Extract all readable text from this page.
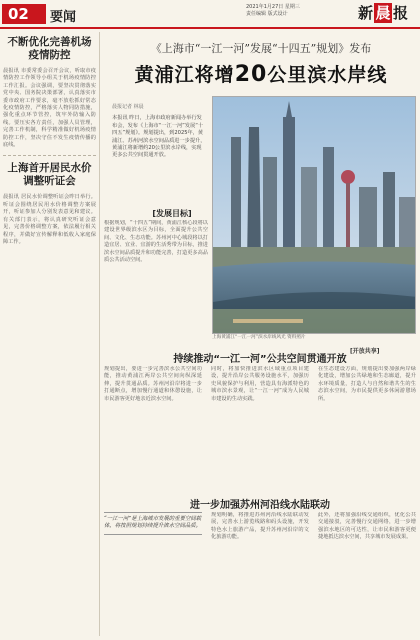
02	要闻
2021年1月27日 星期三
责任编辑 版式设计	新 晨 报
不断优化完善机场疫情防控
晨报讯 市委常委会召开会议，听取市疫情防控工作领导小组关于机场疫情防控工作汇报。会议强调，要坚决贯彻落实党中央、国务院决策部署，认真落实市委市政府工作要求，毫不放松抓好常态化疫情防控，严格落实人物同防措施，强化重点环节管控，筑牢外防输入防线。要压实各方责任，加强人员管理，完善工作机制，科学精准做好机场疫情防控工作，坚决守住不发生疫情传播的底线。
上海首开居民水价调整听证会
晨报讯 居民水价调整听证会昨日举行。听证会围绕居民用水价格调整方案展开，听证参加人分别发表意见和建议。有关部门表示，将认真研究听证会意见，完善价格调整方案，依法履行相关程序，并做好宣传解释和低收入家庭保障工作。
《上海市“一江一河”发展“十四五”规划》发布
黄浦江将增20公里滨水岸线
晨报记者 林晨
本报讯 昨日，上海市政府新闻办举行发布会，发布《上海市“一江一河”发展“十四五”规划》。规划提出，到2025年，黄浦江、苏州河滨水空间品质进一步提升，黄浦江将新增约20公里滨水岸线，实现更多公共空间贯通开放。
上海黄浦江“一江一河”滨水岸线风光 资料照片
[发展目标]
根据规划，“十四五”期间，黄浦江核心段将以建设世界级滨水区为目标，全面提升公共空间、文化、生态功能。苏州河中心城段将以打造宜居、宜业、宜游的生活秀带为目标，推进滨水空间品质提升和功能完善，打造更多高品质公共活动空间。
[开放共享]
持续推动“一江一河”公共空间贯通开放
规划提出，要进一步完善滨水公共空间功能，推动黄浦江两岸公共空间向纵深延伸，提升贯通品质。苏州河沿岸将进一步打通断点，增加慢行通道和休憩设施，让市民游客更好地亲近滨水空间。
同时，将加快推进滨水区域重点项目建设，提升沿岸公共服务设施水平，加强历史风貌保护与利用，营造具有海派特色的城市滨水景观，让“一江一河”成为人民城市建设的生动实践。
在生态建设方面，规划提出要加强两岸绿化建设，增加公共绿地和生态廊道，提升水环境质量，打造人与自然和谐共生的生态滨水空间，为市民提供更多休闲游憩场所。
进一步加强苏州河沿线水陆联动
“一江一河”是上海城市发展的重要空间载体，将按照规划持续提升滨水空间品质。
规划明确，将推进苏州河沿线水陆联动发展，完善水上游览线路和码头设施，开发特色水上旅游产品，提升苏州河沿岸的文化旅游功能。
此外，还将加强沿线交通组织，优化公共交通接驳，完善慢行交通网络，进一步增强滨水地区的可达性，让市民和游客更便捷地抵达滨水空间，共享城市发展成果。
